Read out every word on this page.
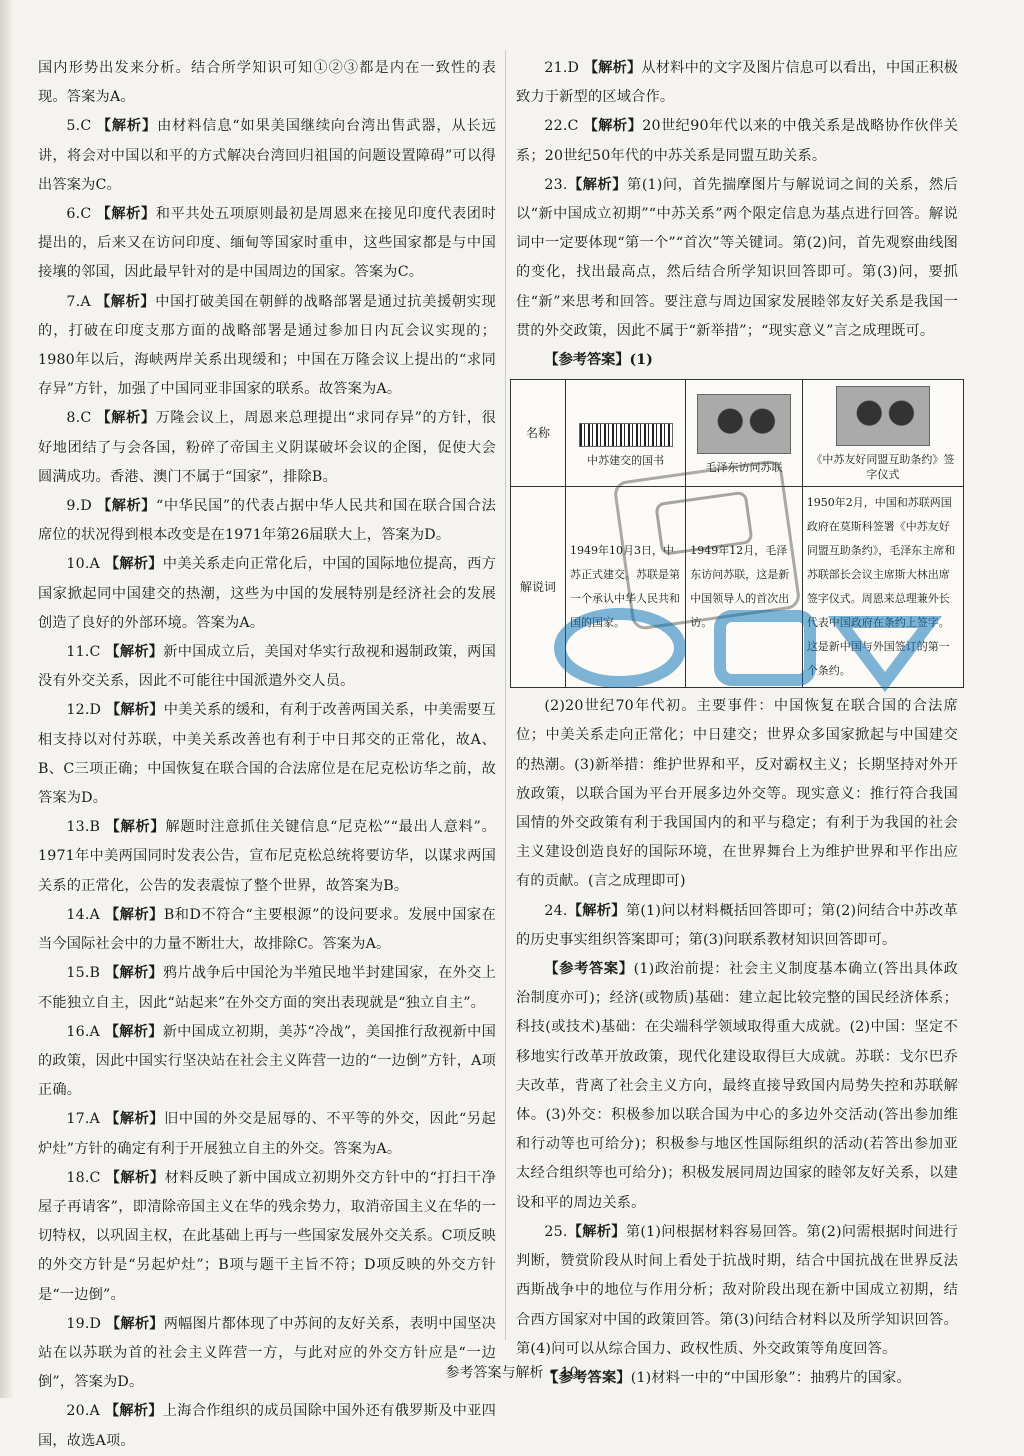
国内形势出发来分析。结合所学知识可知①②③都是内在一致性的表现。答案为A。

5.C 【解析】由材料信息“如果美国继续向台湾出售武器，从长远讲，将会对中国以和平的方式解决台湾回归祖国的问题设置障碍”可以得出答案为C。

6.C 【解析】和平共处五项原则最初是周恩来在接见印度代表团时提出的，后来又在访问印度、缅甸等国家时重申，这些国家都是与中国接壤的邻国，因此最早针对的是中国周边的国家。答案为C。

7.A 【解析】中国打破美国在朝鲜的战略部署是通过抗美援朝实现的，打破在印度支那方面的战略部署是通过参加日内瓦会议实现的；1980年以后，海峡两岸关系出现缓和；中国在万隆会议上提出的“求同存异”方针，加强了中国同亚非国家的联系。故答案为A。

8.C 【解析】万隆会议上，周恩来总理提出“求同存异”的方针，很好地团结了与会各国，粉碎了帝国主义阴谋破坏会议的企图，促使大会圆满成功。香港、澳门不属于“国家”，排除B。

9.D 【解析】“中华民国”的代表占据中华人民共和国在联合国合法席位的状况得到根本改变是在1971年第26届联大上，答案为D。

10.A 【解析】中美关系走向正常化后，中国的国际地位提高，西方国家掀起同中国建交的热潮，这些为中国的发展特别是经济社会的发展创造了良好的外部环境。答案为A。

11.C 【解析】新中国成立后，美国对华实行敌视和遏制政策，两国没有外交关系，因此不可能往中国派遣外交人员。

12.D 【解析】中美关系的缓和，有利于改善两国关系，中美需要互相支持以对付苏联，中美关系改善也有利于中日邦交的正常化，故A、B、C三项正确；中国恢复在联合国的合法席位是在尼克松访华之前，故答案为D。

13.B 【解析】解题时注意抓住关键信息“尼克松”“最出人意料”。1971年中美两国同时发表公告，宣布尼克松总统将要访华，以谋求两国关系的正常化，公告的发表震惊了整个世界，故答案为B。

14.A 【解析】B和D不符合“主要根源”的设问要求。发展中国家在当今国际社会中的力量不断壮大，故排除C。答案为A。

15.B 【解析】鸦片战争后中国沦为半殖民地半封建国家，在外交上不能独立自主，因此“站起来”在外交方面的突出表现就是“独立自主”。

16.A 【解析】新中国成立初期，美苏“冷战”，美国推行敌视新中国的政策，因此中国实行坚决站在社会主义阵营一边的“一边倒”方针，A项正确。

17.A 【解析】旧中国的外交是屈辱的、不平等的外交，因此“另起炉灶”方针的确定有利于开展独立自主的外交。答案为A。

18.C 【解析】材料反映了新中国成立初期外交方针中的“打扫干净屋子再请客”，即清除帝国主义在华的残余势力，取消帝国主义在华的一切特权，以巩固主权，在此基础上再与一些国家发展外交关系。C项反映的外交方针是“另起炉灶”；B项与题干主旨不符；D项反映的外交方针是“一边倒”。

19.D 【解析】两幅图片都体现了中苏间的友好关系，表明中国坚决站在以苏联为首的社会主义阵营一方，与此对应的外交方针应是“一边倒”，答案为D。

20.A 【解析】上海合作组织的成员国除中国外还有俄罗斯及中亚四国，故选A项。

21.D 【解析】从材料中的文字及图片信息可以看出，中国正积极致力于新型的区域合作。

22.C 【解析】20世纪90年代以来的中俄关系是战略协作伙伴关系；20世纪50年代的中苏关系是同盟互助关系。

23.【解析】第(1)问，首先揣摩图片与解说词之间的关系，然后以“新中国成立初期”“中苏关系”两个限定信息为基点进行回答。解说词中一定要体现“第一个”“首次”等关键词。第(2)问，首先观察曲线图的变化，找出最高点，然后结合所学知识回答即可。第(3)问，要抓住“新”来思考和回答。要注意与周边国家发展睦邻友好关系是我国一贯的外交政策，因此不属于“新举措”；“现实意义”言之成理既可。

【参考答案】(1)

名称	中苏建交的国书	毛泽东访问苏联	《中苏友好同盟互助条约》签字仪式

解说词	1949年10月3日，中苏正式建交。苏联是第一个承认中华人民共和国的国家。	1949年12月，毛泽东访问苏联，这是新中国领导人的首次出访。	1950年2月，中国和苏联两国政府在莫斯科签署《中苏友好同盟互助条约》，毛泽东主席和苏联部长会议主席斯大林出席签字仪式。周恩来总理兼外长代表中国政府在条约上签字。这是新中国与外国签订的第一个条约。

(2)20世纪70年代初。主要事件：中国恢复在联合国的合法席位；中美关系走向正常化；中日建交；世界众多国家掀起与中国建交的热潮。(3)新举措：维护世界和平，反对霸权主义；长期坚持对外开放政策，以联合国为平台开展多边外交等。现实意义：推行符合我国国情的外交政策有利于我国国内的和平与稳定；有利于为我国的社会主义建设创造良好的国际环境，在世界舞台上为维护世界和平作出应有的贡献。(言之成理即可)

24.【解析】第(1)问以材料概括回答即可；第(2)问结合中苏改革的历史事实组织答案即可；第(3)问联系教材知识回答即可。

【参考答案】(1)政治前提：社会主义制度基本确立(答出具体政治制度亦可)；经济(或物质)基础：建立起比较完整的国民经济体系；科技(或技术)基础：在尖端科学领域取得重大成就。(2)中国：坚定不移地实行改革开放政策，现代化建设取得巨大成就。苏联：戈尔巴乔夫改革，背离了社会主义方向，最终直接导致国内局势失控和苏联解体。(3)外交：积极参加以联合国为中心的多边外交活动(答出参加维和行动等也可给分)；积极参与地区性国际组织的活动(若答出参加亚太经合组织等也可给分)；积极发展同周边国家的睦邻友好关系，以建设和平的周边关系。

25.【解析】第(1)问根据材料容易回答。第(2)问需根据时间进行判断，赞赏阶段从时间上看处于抗战时期，结合中国抗战在世界反法西斯战争中的地位与作用分析；敌对阶段出现在新中国成立初期，结合西方国家对中国的政策回答。第(3)问结合材料以及所学知识回答。第(4)问可以从综合国力、政权性质、外交政策等角度回答。

【参考答案】(1)材料一中的“中国形象”：抽鸦片的国家。

参考答案与解析 • 10
